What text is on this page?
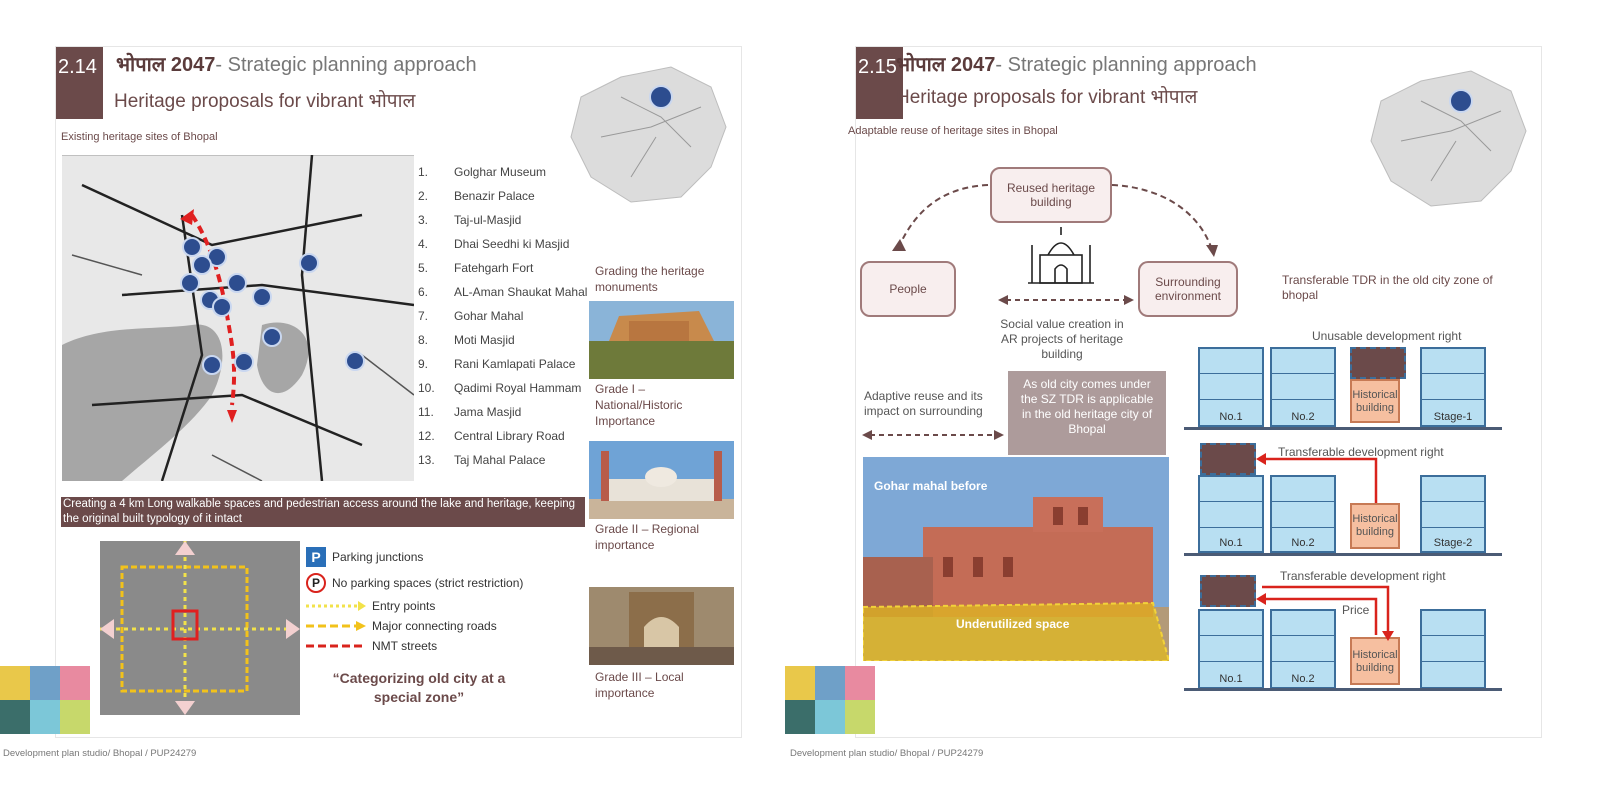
2.14 भोपाल 2047- Strategic planning approach
Heritage proposals for vibrant भोपाल
Existing heritage sites of Bhopal
1.	Golghar Museum
2.	Benazir Palace
3.	Taj-ul-Masjid
4.	Dhai Seedhi ki Masjid
5.	Fatehgarh Fort
6.	AL-Aman Shaukat Mahal
7.	Gohar Mahal
8.	Moti Masjid
9.	Rani Kamlapati Palace
10.	Qadimi Royal Hammam
11.	Jama Masjid
12.	Central Library Road
13.	Taj Mahal Palace
Grading the heritage monuments
Grade I – National/Historic Importance
Grade II – Regional importance
Grade III – Local importance
Creating a 4 km Long walkable spaces and pedestrian access around the lake and heritage, keeping the original built typology of it intact
P Parking junctions
P	No parking spaces (strict restriction)
Entry points
Major connecting roads
NMT streets
“Categorizing old city at a special zone”
Development plan studio/ Bhopal / PUP24279
2.15 भोपाल 2047- Strategic planning approach
Heritage proposals for vibrant भोपाल
Adaptable reuse of heritage sites in Bhopal
Reused heritage building
People	Surrounding environment
Social value creation in AR projects of heritage building
Adaptive reuse and its impact on surrounding
As old city comes under the SZ TDR is applicable in the old heritage city of Bhopal
Gohar mahal before
Underutilized space
Transferable TDR in the old city zone of bhopal
Unusable development right
No.1	No.2
Historical building
Stage-1
Transferable development right
No.1	No.2
Historical building
Stage-2
Transferable development right
No.1	No.2
Historical building
Price
Development plan studio/ Bhopal / PUP24279
